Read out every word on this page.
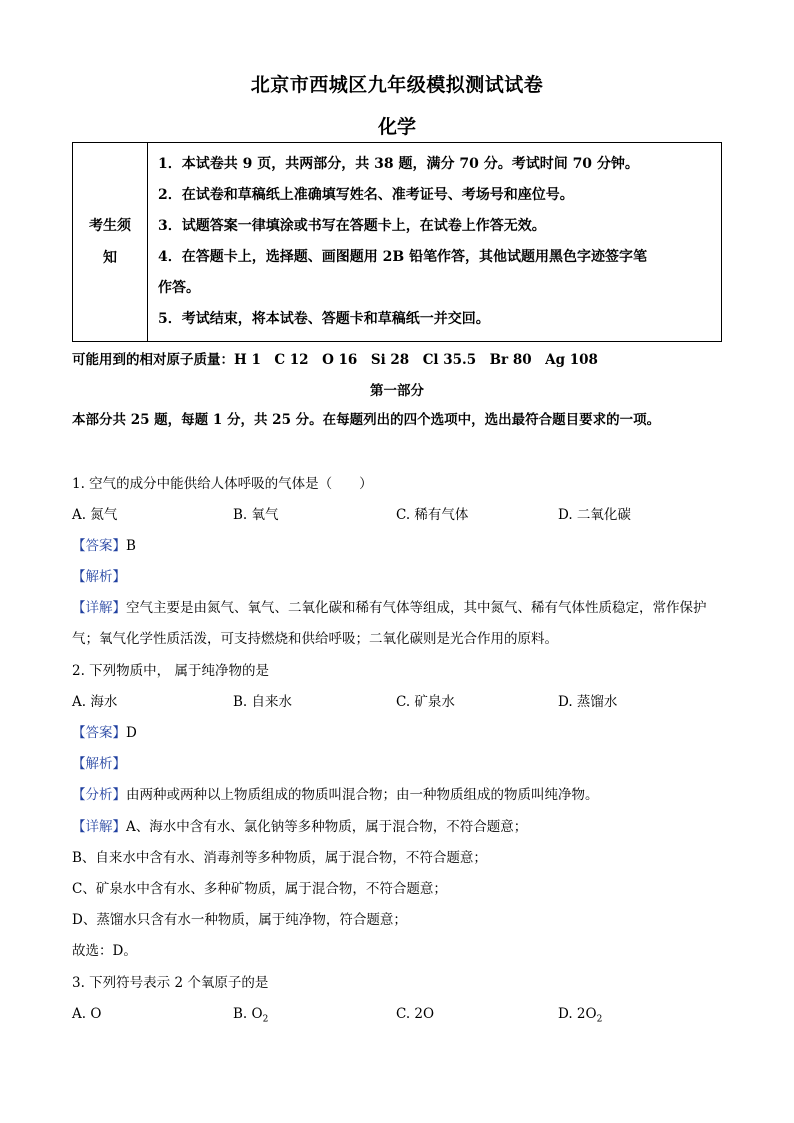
北京市西城区九年级模拟测试试卷
化学
考生须
知

1．本试卷共 9 页，共两部分，共 38 题，满分 70 分。考试时间 70 分钟。
2．在试卷和草稿纸上准确填写姓名、准考证号、考场号和座位号。
3．试题答案一律填涂或书写在答题卡上，在试卷上作答无效。
4．在答题卡上，选择题、画图题用 2B 铅笔作答，其他试题用黑色字迹签字笔
作答。
5．考试结束，将本试卷、答题卡和草稿纸一并交回。
可能用到的相对原子质量：H 1　C 12　O 16　Si 28　Cl 35.5　Br 80　Ag 108
第一部分
本部分共 25 题，每题 1 分，共 25 分。在每题列出的四个选项中，选出最符合题目要求的一项。
1. 空气的成分中能供给人体呼吸的气体是（　　）
A. 氮气	B. 氧气	C. 稀有气体	D. 二氧化碳
【答案】B
【解析】
【详解】空气主要是由氮气、氧气、二氧化碳和稀有气体等组成，其中氮气、稀有气体性质稳定，常作保护气；氧气化学性质活泼，可支持燃烧和供给呼吸；二氧化碳则是光合作用的原料。
2. 下列物质中， 属于纯净物的是
A. 海水	B. 自来水	C. 矿泉水	D. 蒸馏水
【答案】D
【解析】
【分析】由两种或两种以上物质组成的物质叫混合物；由一种物质组成的物质叫纯净物。
【详解】A、海水中含有水、氯化钠等多种物质，属于混合物，不符合题意；
B、自来水中含有水、消毒剂等多种物质，属于混合物，不符合题意；
C、矿泉水中含有水、多种矿物质，属于混合物，不符合题意；
D、蒸馏水只含有水一种物质，属于纯净物，符合题意；
故选：D。
3. 下列符号表示 2 个氧原子的是
A. O	B. $O_2$	C. 2O	D. $2O_2$
